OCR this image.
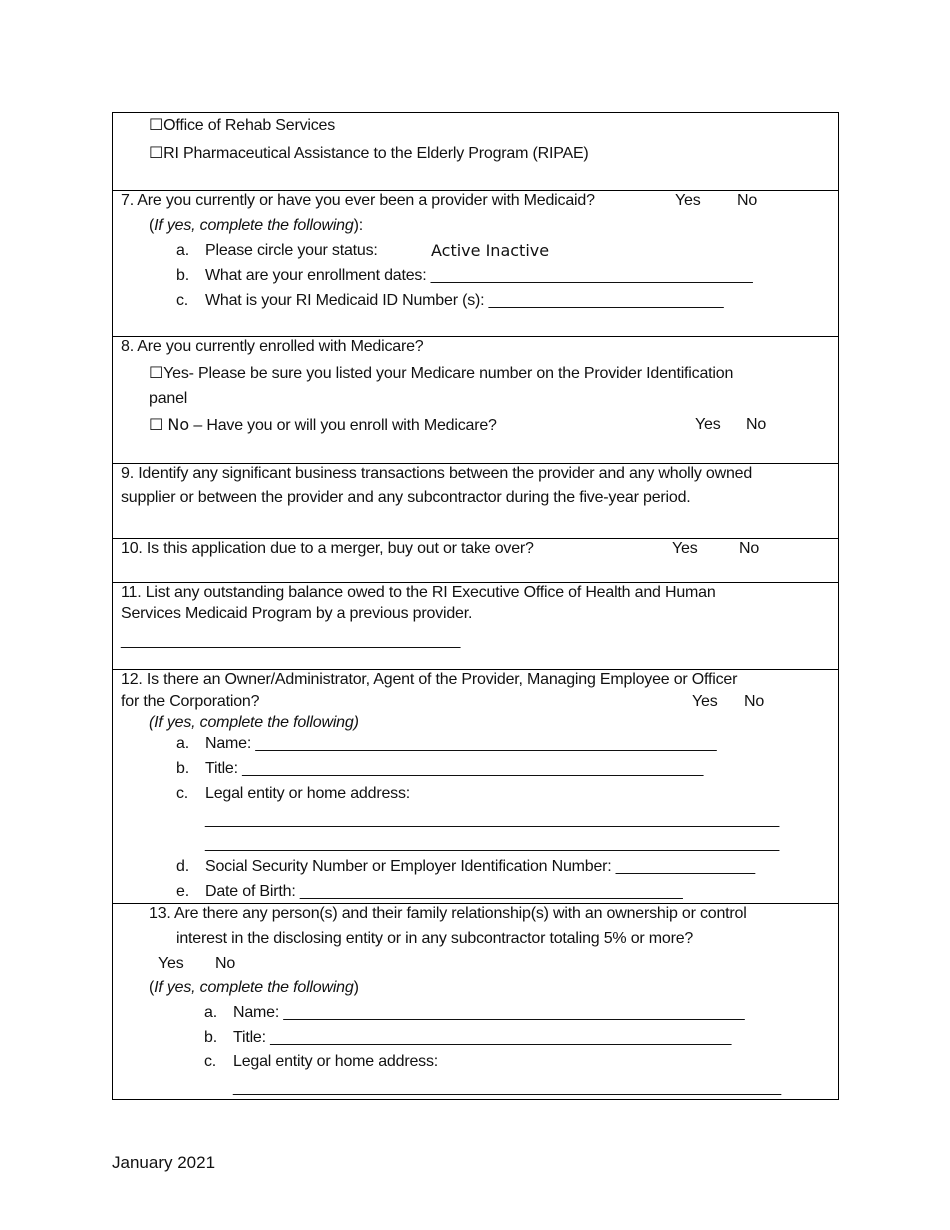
☐Office of Rehab Services
☐RI Pharmaceutical Assistance to the Elderly Program (RIPAE)
7. Are you currently or have you ever been a provider with Medicaid?	Yes No
(If yes, complete the following):
a. Please circle your status:	Active Inactive
b. What are your enrollment dates: _____________________________________
c. What is your RI Medicaid ID Number (s): ___________________________
8. Are you currently enrolled with Medicare?
☐Yes- Please be sure you listed your Medicare number on the Provider Identification
panel
☐ No – Have you or will you enroll with Medicare?	Yes No
9. Identify any significant business transactions between the provider and any wholly owned
supplier or between the provider and any subcontractor during the five-year period.
10. Is this application due to a merger, buy out or take over?	Yes	No
11. List any outstanding balance owed to the RI Executive Office of Health and Human
Services Medicaid Program by a previous provider.
_______________________________________
12. Is there an Owner/Administrator, Agent of the Provider, Managing Employee or Officer
for the Corporation?	Yes No
(If yes, complete the following)
a. Name: _____________________________________________________
b. Title: _____________________________________________________
c. Legal entity or home address:
__________________________________________________________________
__________________________________________________________________
d. Social Security Number or Employer Identification Number: ________________
e. Date of Birth: ____________________________________________
13. Are there any person(s) and their family relationship(s) with an ownership or control
interest in the disclosing entity or in any subcontractor totaling 5% or more?
Yes No
(If yes, complete the following)
a. Name: _____________________________________________________
b. Title: _____________________________________________________
c. Legal entity or home address:
_______________________________________________________________
January 2021
